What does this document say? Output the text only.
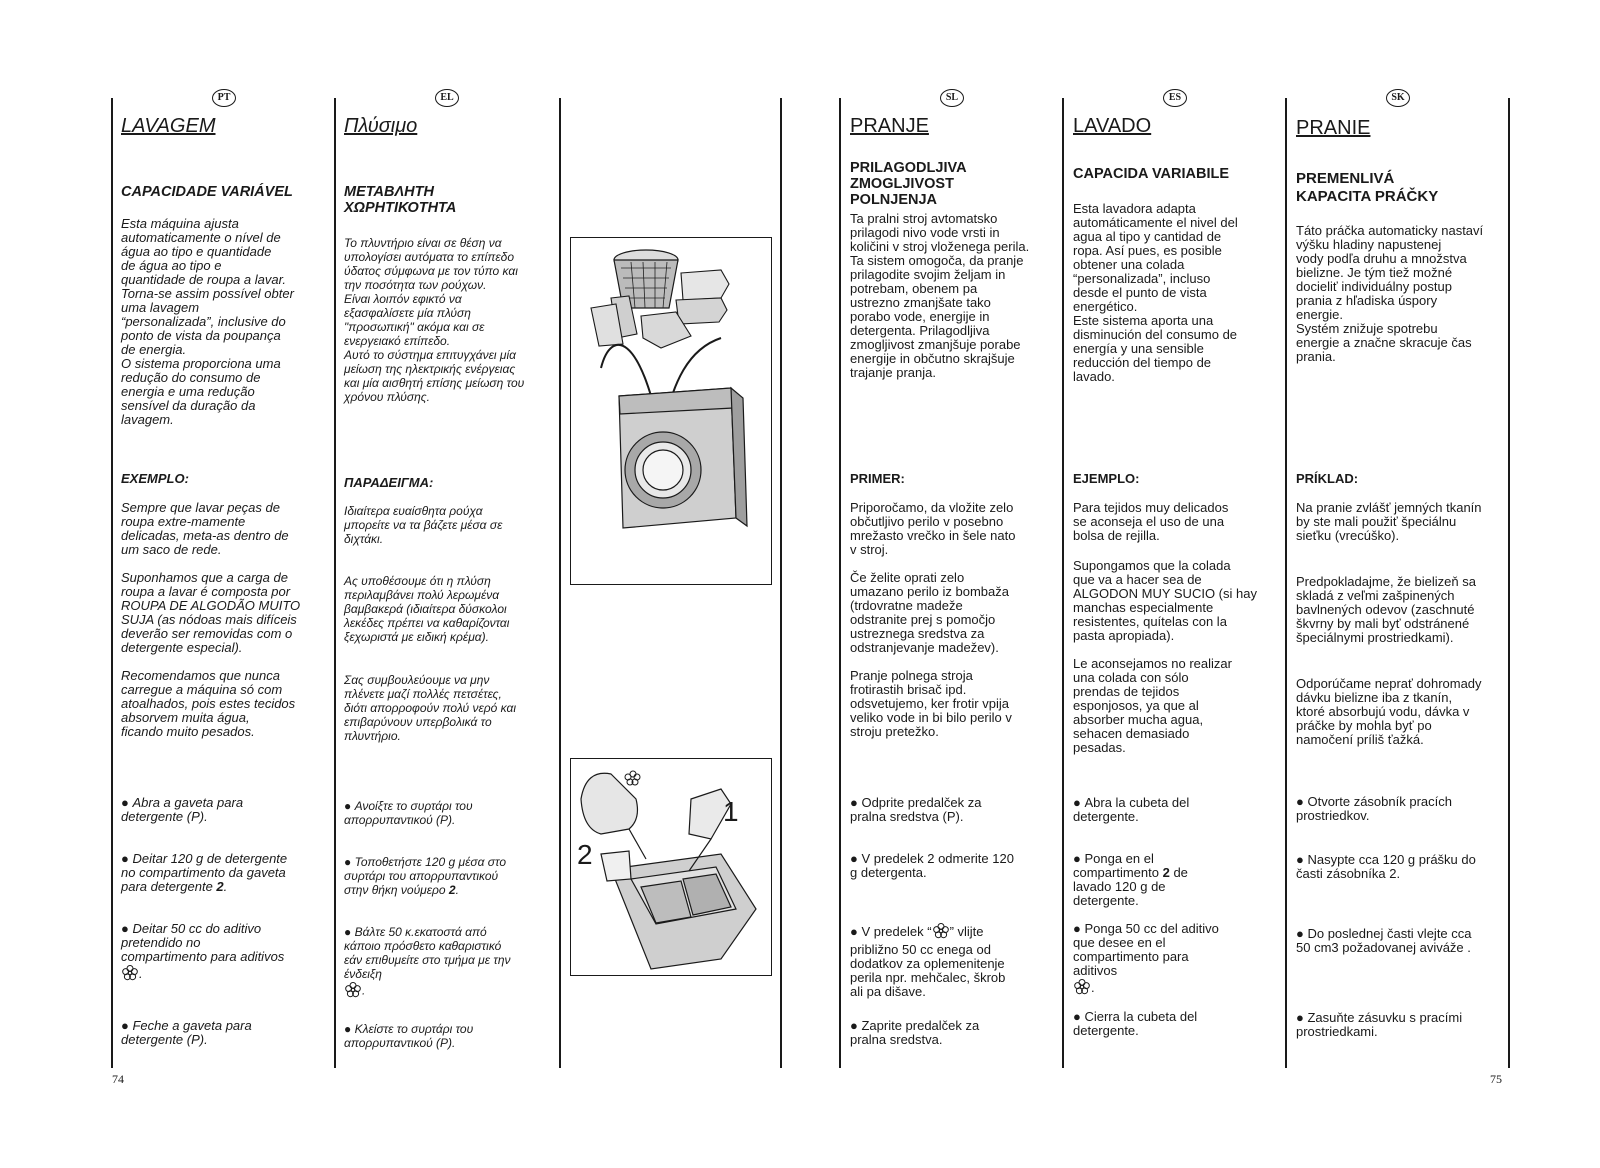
PT
LAVAGEM
CAPACIDADE VARIÁVEL
Esta máquina ajusta
automaticamente o nível de
água ao tipo e quantidade
de água ao tipo e
quantidade de roupa a lavar.
Torna-se assim possível obter
uma lavagem
“personalizada”, inclusive do
ponto de vista da poupança
de energia.
O sistema proporciona uma
redução do consumo de
energia e uma redução
sensível da duração da
lavagem.
EXEMPLO:
Sempre que lavar peças de
roupa extre-mamente
delicadas, meta-as dentro de
um saco de rede.
Suponhamos que a carga de
roupa a lavar é composta por
ROUPA DE ALGODÃO MUITO
SUJA (as nódoas mais difíceis
deverão ser removidas com o
detergente especial).
Recomendamos que nunca
carregue a máquina só com
atoalhados, pois estes tecidos
absorvem muita água,
ficando muito pesados.
● Abra a gaveta para
detergente (P).
● Deitar 120 g de detergente
no compartimento da gaveta
para detergente 2.
● Deitar 50 cc do aditivo
pretendido no
compartimento para aditivos
.
● Feche a gaveta para
detergente (P).
74
EL
Πλύσιμο
ΜΕΤΑΒΛΗΤΗ
ΧΩΡΗΤΙΚΟΤΗΤΑ
Το πλυντήριο είναι σε θέση να
υπολογίσει αυτόματα το επίπεδο
ύδατος σύμφωνα με τον τύπο και
την ποσότητα των ρούχων.
Είναι λοιπόν εφικτό να
εξασφαλίσετε μία πλύση
"προσωπική" ακόμα και σε
ενεργειακό επίπεδο.
Αυτό το σύστημα επιτυγχάνει μία
μείωση της ηλεκτρικής ενέργειας
και μία αισθητή επίσης μείωση του
χρόνου πλύσης.
ΠΑΡΑΔΕΙΓΜΑ:
Ιδιαίτερα ευαίσθητα ρούχα
μπορείτε να τα βάζετε μέσα σε
διχτάκι.
Ας υποθέσουμε ότι η πλύση
περιλαμβάνει πολύ λερωμένα
βαμβακερά (ιδιαίτερα δύσκολοι
λεκέδες πρέπει να καθαρίζονται
ξεχωριστά με ειδική κρέμα).
Σας συμβουλεύουμε να μην
πλένετε μαζί πολλές πετσέτες,
διότι απορροφούν πολύ νερό και
επιβαρύνουν υπερβολικά το
πλυντήριο.
● Ανοίξτε το συρτάρι του
απορρυπαντικού (P).
● Τοποθετήστε 120 g μέσα στο
συρτάρι του απορρυπαντικού
στην θήκη νούμερο 2.
● Βάλτε 50 κ.εκατοστά από
κάποιο πρόσθετο καθαριστικό
εάν επιθυμείτε στο τμήμα με την
ένδειξη
.
● Κλείστε το συρτάρι του
απορρυπαντικού (P).
1
2
SL
PRANJE
PRILAGODLJIVA
ZMOGLJIVOST
POLNJENJA
Ta pralni stroj avtomatsko
prilagodi nivo vode vrsti in
količini v stroj vloženega perila.
Ta sistem omogoča, da pranje
prilagodite svojim željam in
potrebam, obenem pa
ustrezno zmanjšate tako
porabo vode, energije in
detergenta. Prilagodljiva
zmogljivost zmanjšuje porabe
energije in občutno skrajšuje
trajanje pranja.
PRIMER:
Priporočamo, da vložite zelo
občutljivo perilo v posebno
mrežasto vrečko in šele nato
v stroj.
Če želite oprati zelo
umazano perilo iz bombaža
(trdovratne madeže
odstranite prej s pomočjo
ustreznega sredstva za
odstranjevanje madežev).
Pranje polnega stroja
frotirastih brisač ipd.
odsvetujemo, ker frotir vpija
veliko vode in bi bilo perilo v
stroju pretežko.
● Odprite predalček za
pralna sredstva (P).
● V predelek 2 odmerite 120
g detergenta.
● V predelek “ ” vlijte
približno 50 cc enega od
dodatkov za oplemenitenje
perila npr. mehčalec, škrob
ali pa dišave.
● Zaprite predalček za
pralna sredstva.
ES
LAVADO
CAPACIDA VARIABILE
Esta lavadora adapta
automáticamente el nivel del
agua al tipo y cantidad de
ropa. Así pues, es posible
obtener una colada
“personalizada”, incluso
desde el punto de vista
energético.
Este sistema aporta una
disminución del consumo de
energía y una sensible
reducción del tiempo de
lavado.
EJEMPLO:
Para tejidos muy delicados
se aconseja el uso de una
bolsa de rejilla.
Supongamos que la colada
que va a hacer sea de
ALGODON MUY SUCIO (si hay
manchas especialmente
resistentes, quítelas con la
pasta apropiada).
Le aconsejamos no realizar
una colada con sólo
prendas de tejidos
esponjosos, ya que al
absorber mucha agua,
sehacen demasiado
pesadas.
● Abra la cubeta del
detergente.
● Ponga en el
compartimento 2 de
lavado 120 g de
detergente.
● Ponga 50 cc del aditivo
que desee en el
compartimento para
aditivos
.
● Cierra la cubeta del
detergente.
SK
PRANIE
PREMENLIVÁ
KAPACITA PRÁČKY
Táto práčka automaticky nastaví
výšku hladiny napustenej
vody podľa druhu a množstva
bielizne. Je tým tiež možné
docieliť individuálny postup
prania z hľadiska úspory
energie.
Systém znižuje spotrebu
energie a značne skracuje čas
prania.
PRÍKLAD:
Na pranie zvlášť jemných tkanín
by ste mali použiť špeciálnu
sieťku (vrecúško).
Predpokladajme, že bielizeň sa
skladá z veľmi zašpinených
bavlnených odevov (zaschnuté
škvrny by mali byť odstránené
špeciálnymi prostriedkami).
Odporúčame neprať dohromady
dávku bielizne iba z tkanín,
ktoré absorbujú vodu, dávka v
práčke by mohla byť po
namočení príliš ťažká.
● Otvorte zásobník pracích
prostriedkov.
● Nasypte cca 120 g prášku do
časti zásobníka 2.
● Do poslednej časti vlejte cca
50 cm3 požadovanej aviváže .
● Zasuňte zásuvku s pracími
prostriedkami.
75
